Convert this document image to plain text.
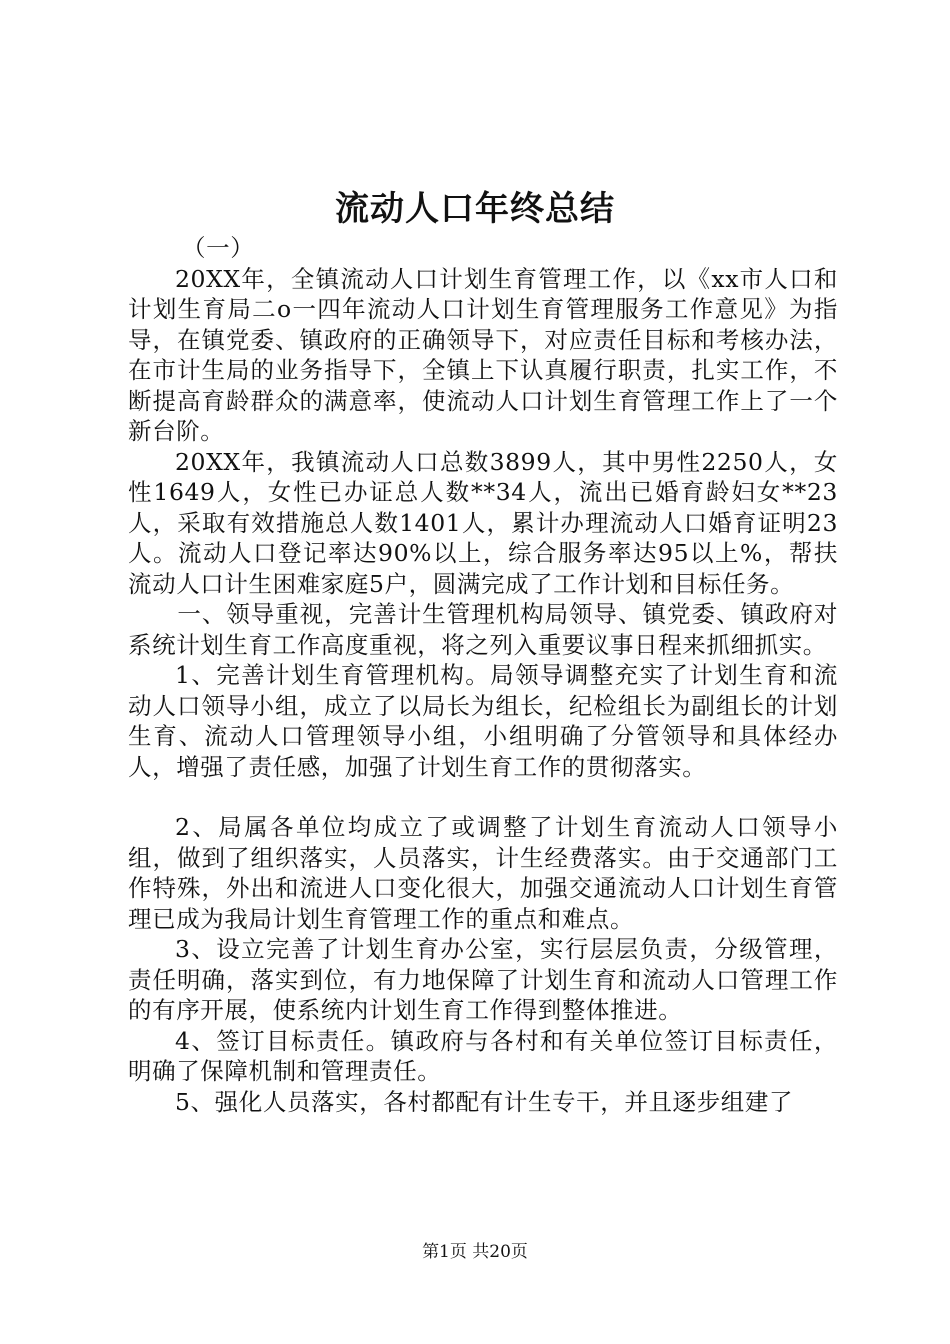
流动人口年终总结

（一）

20XX年，全镇流动人口计划生育管理工作，以《xx市人口和计划生育局二o一四年流动人口计划生育管理服务工作意见》为指导，在镇党委、镇政府的正确领导下，对应责任目标和考核办法，在市计生局的业务指导下，全镇上下认真履行职责，扎实工作，不断提高育龄群众的满意率，使流动人口计划生育管理工作上了一个新台阶。

20XX年，我镇流动人口总数3899人，其中男性2250人，女性1649人，女性已办证总人数**34人，流出已婚育龄妇女**23人，采取有效措施总人数1401人，累计办理流动人口婚育证明23人。流动人口登记率达90%以上，综合服务率达95以上%，帮扶流动人口计生困难家庭5户，圆满完成了工作计划和目标任务。

一、领导重视，完善计生管理机构局领导、镇党委、镇政府对系统计划生育工作高度重视，将之列入重要议事日程来抓细抓实。

1、完善计划生育管理机构。局领导调整充实了计划生育和流动人口领导小组，成立了以局长为组长，纪检组长为副组长的计划生育、流动人口管理领导小组，小组明确了分管领导和具体经办人，增强了责任感，加强了计划生育工作的贯彻落实。

2、局属各单位均成立了或调整了计划生育流动人口领导小组，做到了组织落实，人员落实，计生经费落实。由于交通部门工作特殊，外出和流进人口变化很大，加强交通流动人口计划生育管理已成为我局计划生育管理工作的重点和难点。

3、设立完善了计划生育办公室，实行层层负责，分级管理，责任明确，落实到位，有力地保障了计划生育和流动人口管理工作的有序开展，使系统内计划生育工作得到整体推进。

4、签订目标责任。镇政府与各村和有关单位签订目标责任，明确了保障机制和管理责任。

5、强化人员落实，各村都配有计生专干，并且逐步组建了

第1页 共20页
